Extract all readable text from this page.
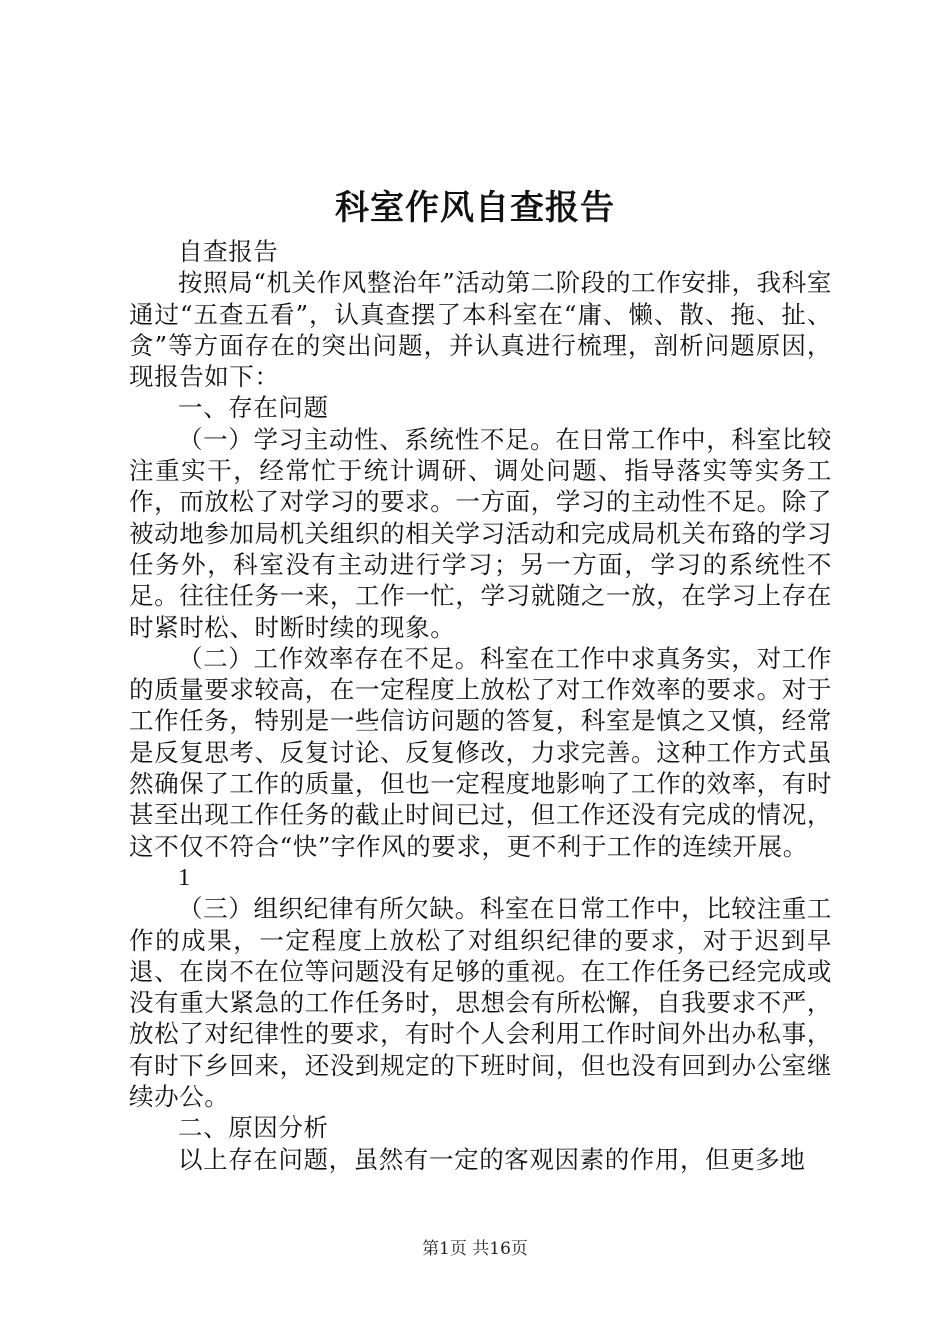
科室作风自查报告

自查报告

按照局“机关作风整治年”活动第二阶段的工作安排，我科室通过“五查五看”，认真查摆了本科室在“庸、懒、散、拖、扯、贪”等方面存在的突出问题，并认真进行梳理，剖析问题原因，现报告如下：

一、存在问题

（一）学习主动性、系统性不足。在日常工作中，科室比较注重实干，经常忙于统计调研、调处问题、指导落实等实务工作，而放松了对学习的要求。一方面，学习的主动性不足。除了被动地参加局机关组织的相关学习活动和完成局机关布臵的学习任务外，科室没有主动进行学习；另一方面，学习的系统性不足。往往任务一来，工作一忙，学习就随之一放，在学习上存在时紧时松、时断时续的现象。

（二）工作效率存在不足。科室在工作中求真务实，对工作的质量要求较高，在一定程度上放松了对工作效率的要求。对于工作任务，特别是一些信访问题的答复，科室是慎之又慎，经常是反复思考、反复讨论、反复修改，力求完善。这种工作方式虽然确保了工作的质量，但也一定程度地影响了工作的效率，有时甚至出现工作任务的截止时间已过，但工作还没有完成的情况，这不仅不符合“快”字作风的要求，更不利于工作的连续开展。

1

（三）组织纪律有所欠缺。科室在日常工作中，比较注重工作的成果，一定程度上放松了对组织纪律的要求，对于迟到早退、在岗不在位等问题没有足够的重视。在工作任务已经完成或没有重大紧急的工作任务时，思想会有所松懈，自我要求不严，放松了对纪律性的要求，有时个人会利用工作时间外出办私事，有时下乡回来，还没到规定的下班时间，但也没有回到办公室继续办公。

二、原因分析

以上存在问题，虽然有一定的客观因素的作用，但更多地

第1页 共16页
